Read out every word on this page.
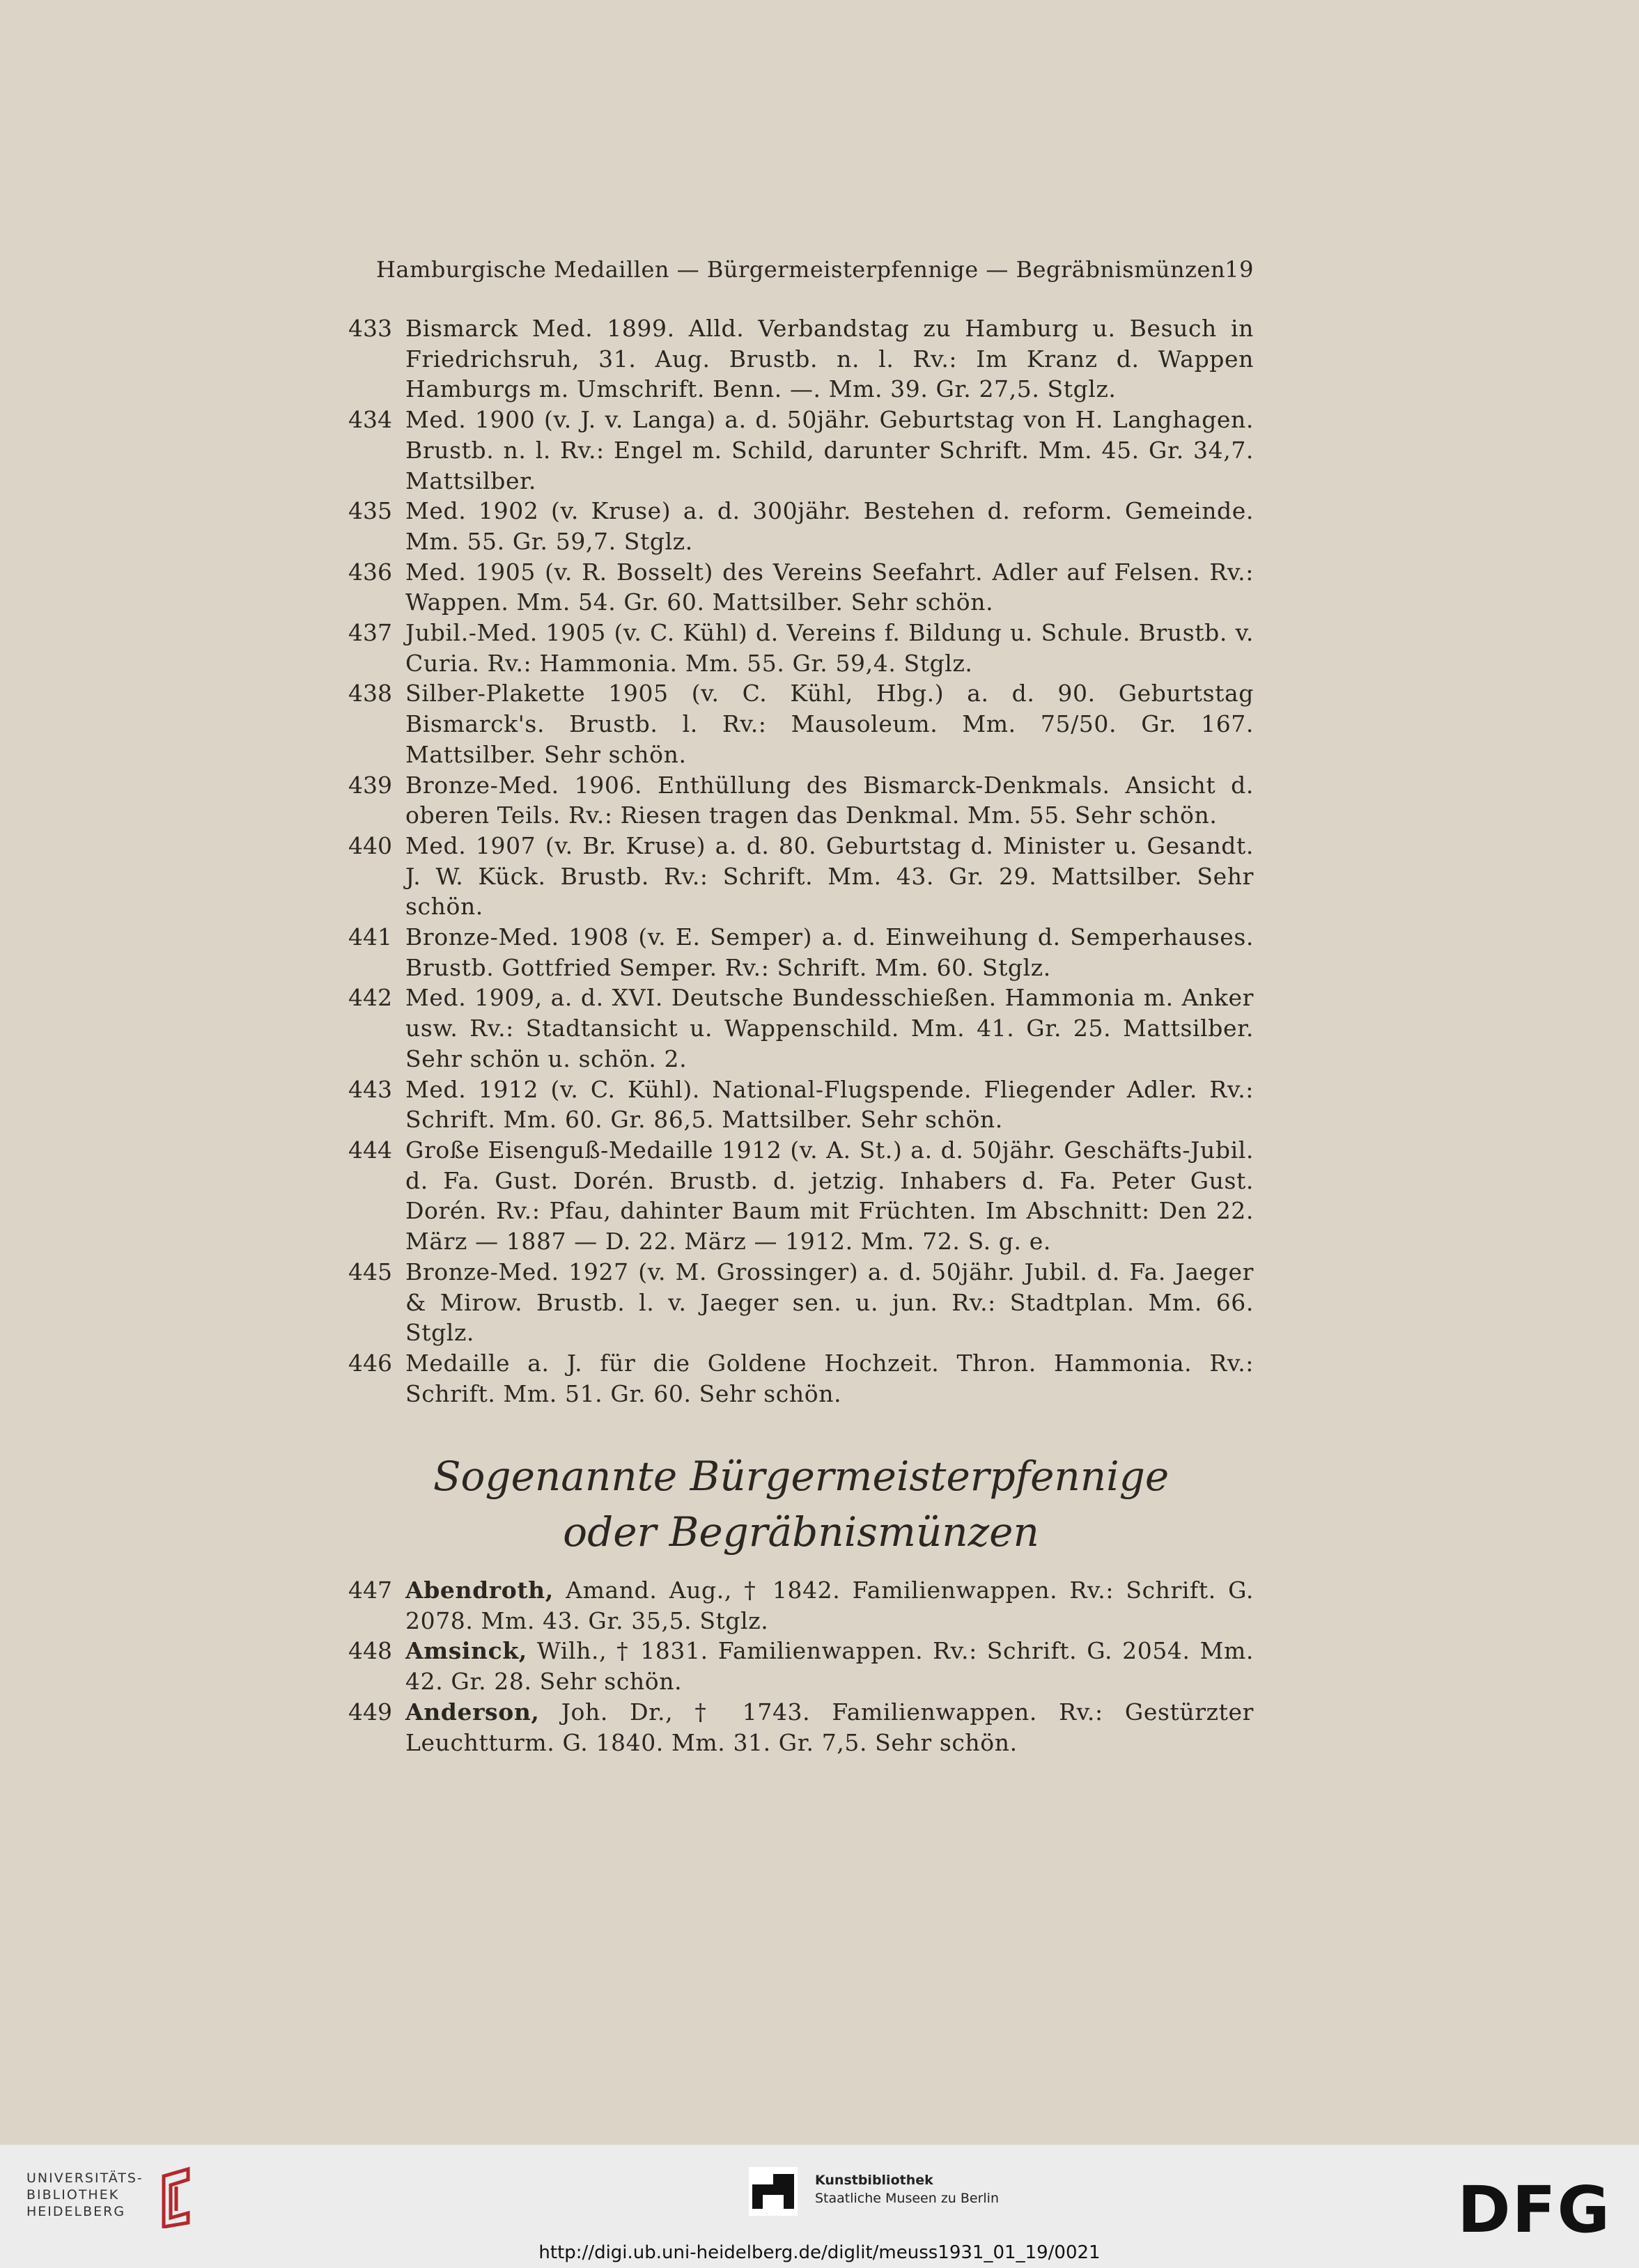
Hamburgische Medaillen — Bürgermeisterpfennige — Begräbnismünzen 19
433 Bismarck Med. 1899. Alld. Verbandstag zu Hamburg u. Besuch in Friedrichsruh, 31. Aug. Brustb. n. l. Rv.: Im Kranz d. Wappen Hamburgs m. Umschrift. Benn. —. Mm. 39. Gr. 27,5. Stglz.
434 Med. 1900 (v. J. v. Langa) a. d. 50jähr. Geburtstag von H. Langhagen. Brustb. n. l. Rv.: Engel m. Schild, darunter Schrift. Mm. 45. Gr. 34,7. Mattsilber.
435 Med. 1902 (v. Kruse) a. d. 300jähr. Bestehen d. reform. Gemeinde. Mm. 55. Gr. 59,7. Stglz.
436 Med. 1905 (v. R. Bosselt) des Vereins Seefahrt. Adler auf Felsen. Rv.: Wappen. Mm. 54. Gr. 60. Mattsilber. Sehr schön.
437 Jubil.-Med. 1905 (v. C. Kühl) d. Vereins f. Bildung u. Schule. Brustb. v. Curia. Rv.: Hammonia. Mm. 55. Gr. 59,4. Stglz.
438 Silber-Plakette 1905 (v. C. Kühl, Hbg.) a. d. 90. Geburtstag Bismarck's. Brustb. l. Rv.: Mausoleum. Mm. 75/50. Gr. 167. Mattsilber. Sehr schön.
439 Bronze-Med. 1906. Enthüllung des Bismarck-Denkmals. Ansicht d. oberen Teils. Rv.: Riesen tragen das Denkmal. Mm. 55. Sehr schön.
440 Med. 1907 (v. Br. Kruse) a. d. 80. Geburtstag d. Minister u. Gesandt. J. W. Kück. Brustb. Rv.: Schrift. Mm. 43. Gr. 29. Mattsilber. Sehr schön.
441 Bronze-Med. 1908 (v. E. Semper) a. d. Einweihung d. Semperhauses. Brustb. Gottfried Semper. Rv.: Schrift. Mm. 60. Stglz.
442 Med. 1909, a. d. XVI. Deutsche Bundesschießen. Hammonia m. Anker usw. Rv.: Stadtansicht u. Wappenschild. Mm. 41. Gr. 25. Mattsilber. Sehr schön u. schön. 2.
443 Med. 1912 (v. C. Kühl). National-Flugspende. Fliegender Adler. Rv.: Schrift. Mm. 60. Gr. 86,5. Mattsilber. Sehr schön.
444 Große Eisenguß-Medaille 1912 (v. A. St.) a. d. 50jähr. Geschäfts-Jubil. d. Fa. Gust. Dorén. Brustb. d. jetzig. Inhabers d. Fa. Peter Gust. Dorén. Rv.: Pfau, dahinter Baum mit Früchten. Im Abschnitt: Den 22. März — 1887 — D. 22. März — 1912. Mm. 72. S. g. e.
445 Bronze-Med. 1927 (v. M. Grossinger) a. d. 50jähr. Jubil. d. Fa. Jaeger & Mirow. Brustb. l. v. Jaeger sen. u. jun. Rv.: Stadtplan. Mm. 66. Stglz.
446 Medaille a. J. für die Goldene Hochzeit. Thron. Hammonia. Rv.: Schrift. Mm. 51. Gr. 60. Sehr schön.
Sogenannte Bürgermeisterpfennige
oder Begräbnismünzen
447 Abendroth, Amand. Aug., † 1842. Familienwappen. Rv.: Schrift. G. 2078. Mm. 43. Gr. 35,5. Stglz.
448 Amsinck, Wilh., † 1831. Familienwappen. Rv.: Schrift. G. 2054. Mm. 42. Gr. 28. Sehr schön.
449 Anderson, Joh. Dr., † 1743. Familienwappen. Rv.: Gestürzter Leuchtturm. G. 1840. Mm. 31. Gr. 7,5. Sehr schön.
UNIVERSITÄTS-
BIBLIOTHEK
HEIDELBERG
Kunstbibliothek
Staatliche Museen zu Berlin	DFG
http://digi.ub.uni-heidelberg.de/diglit/meuss1931_01_19/0021
